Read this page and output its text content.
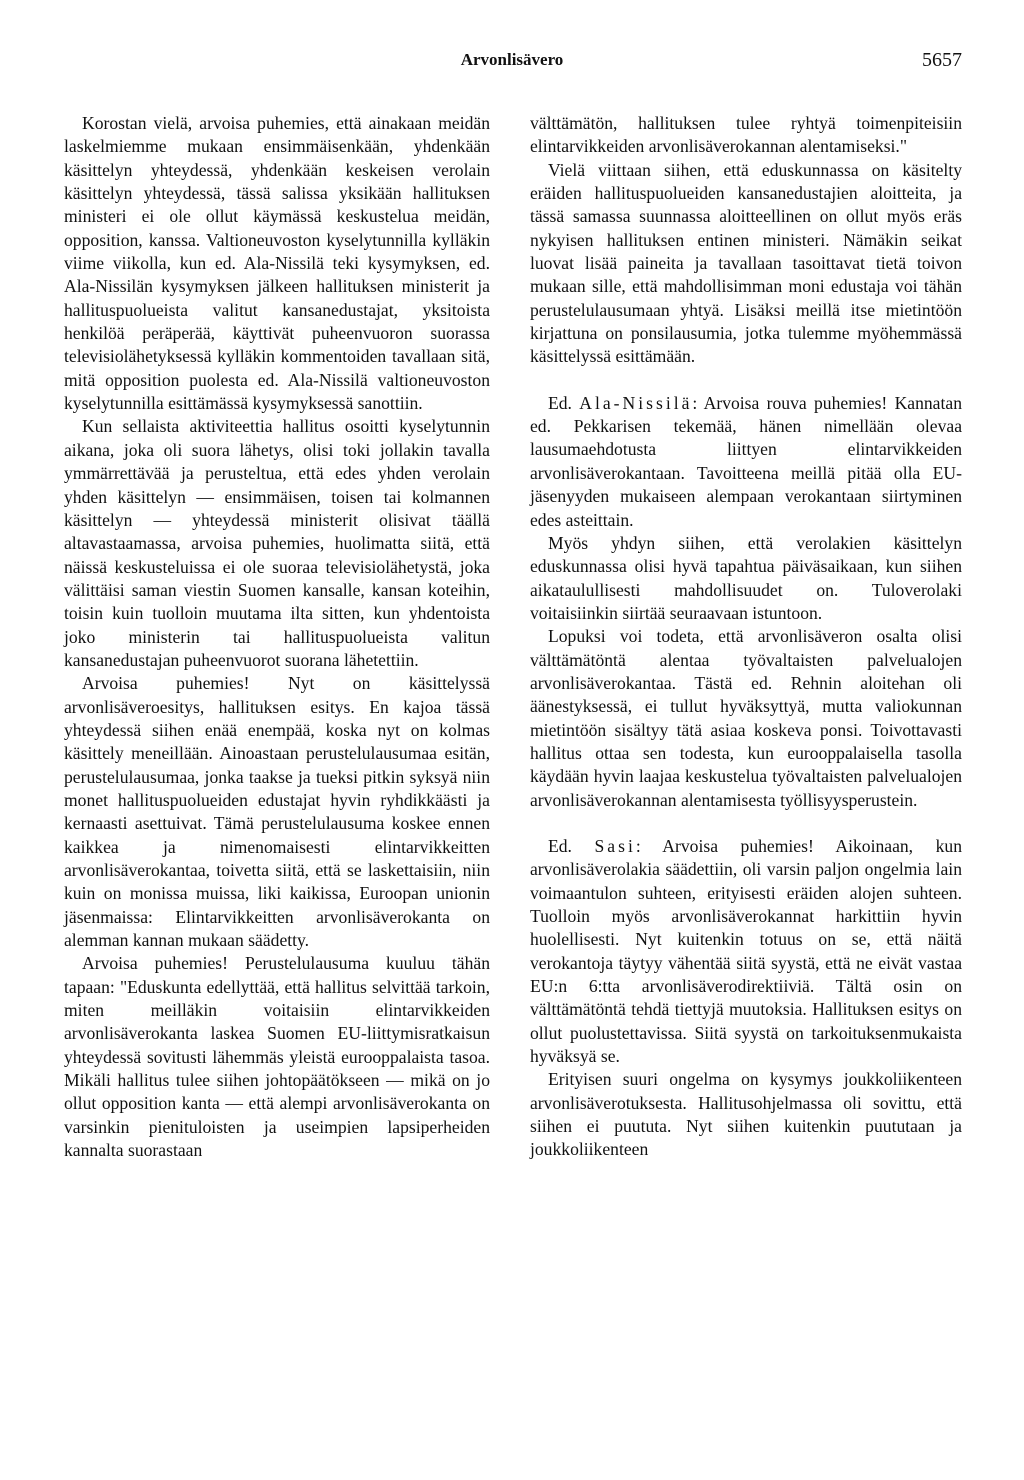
Arvonlisävero	5657

Korostan vielä, arvoisa puhemies, että ainakaan meidän laskelmiemme mukaan ensimmäisenkään, yhdenkään käsittelyn yhteydessä, yhdenkään keskeisen verolain käsittelyn yhteydessä, tässä salissa yksikään hallituksen ministeri ei ole ollut käymässä keskustelua meidän, opposition, kanssa. Valtioneuvoston kyselytunnilla kylläkin viime viikolla, kun ed. Ala-Nissilä teki kysymyksen, ed. Ala-Nissilän kysymyksen jälkeen hallituksen ministerit ja hallituspuolueista valitut kansanedustajat, yksitoista henkilöä peräperää, käyttivät puheenvuoron suorassa televisiolähetyksessä kylläkin kommentoiden tavallaan sitä, mitä opposition puolesta ed. Ala-Nissilä valtioneuvoston kyselytunnilla esittämässä kysymyksessä sanottiin.

Kun sellaista aktiviteettia hallitus osoitti kyselytunnin aikana, joka oli suora lähetys, olisi toki jollakin tavalla ymmärrettävää ja perusteltua, että edes yhden verolain yhden käsittelyn — ensimmäisen, toisen tai kolmannen käsittelyn — yhteydessä ministerit olisivat täällä altavastaamassa, arvoisa puhemies, huolimatta siitä, että näissä keskusteluissa ei ole suoraa televisiolähetystä, joka välittäisi saman viestin Suomen kansalle, kansan koteihin, toisin kuin tuolloin muutama ilta sitten, kun yhdentoista joko ministerin tai hallituspuolueista valitun kansanedustajan puheenvuorot suorana lähetettiin.

Arvoisa puhemies! Nyt on käsittelyssä arvonlisäveroesitys, hallituksen esitys. En kajoa tässä yhteydessä siihen enää enempää, koska nyt on kolmas käsittely meneillään. Ainoastaan perustelulausumaa esitän, perustelulausumaa, jonka taakse ja tueksi pitkin syksyä niin monet hallituspuolueiden edustajat hyvin ryhdikkäästi ja kernaasti asettuivat. Tämä perustelulausuma koskee ennen kaikkea ja nimenomaisesti elintarvikkeitten arvonlisäverokantaa, toivetta siitä, että se laskettaisiin, niin kuin on monissa muissa, liki kaikissa, Euroopan unionin jäsenmaissa: Elintarvikkeitten arvonlisäverokanta on alemman kannan mukaan säädetty.

Arvoisa puhemies! Perustelulausuma kuuluu tähän tapaan: "Eduskunta edellyttää, että hallitus selvittää tarkoin, miten meilläkin voitaisiin elintarvikkeiden arvonlisäverokanta laskea Suomen EU-liittymisratkaisun yhteydessä sovitusti lähemmäs yleistä eurooppalaista tasoa. Mikäli hallitus tulee siihen johtopäätökseen — mikä on jo ollut opposition kanta — että alempi arvonlisäverokanta on varsinkin pienituloisten ja useimpien lapsiperheiden kannalta suorastaan

välttämätön, hallituksen tulee ryhtyä toimenpiteisiin elintarvikkeiden arvonlisäverokannan alentamiseksi."

Vielä viittaan siihen, että eduskunnassa on käsitelty eräiden hallituspuolueiden kansanedustajien aloitteita, ja tässä samassa suunnassa aloitteellinen on ollut myös eräs nykyisen hallituksen entinen ministeri. Nämäkin seikat luovat lisää paineita ja tavallaan tasoittavat tietä toivon mukaan sille, että mahdollisimman moni edustaja voi tähän perustelulausumaan yhtyä. Lisäksi meillä itse mietintöön kirjattuna on ponsilausumia, jotka tulemme myöhemmässä käsittelyssä esittämään.

Ed. Ala-Nissilä: Arvoisa rouva puhemies! Kannatan ed. Pekkarisen tekemää, hänen nimellään olevaa lausumaehdotusta liittyen elintarvikkeiden arvonlisäverokantaan. Tavoitteena meillä pitää olla EU-jäsenyyden mukaiseen alempaan verokantaan siirtyminen edes asteittain.

Myös yhdyn siihen, että verolakien käsittelyn eduskunnassa olisi hyvä tapahtua päiväsaikaan, kun siihen aikataulullisesti mahdollisuudet on. Tuloverolaki voitaisiinkin siirtää seuraavaan istuntoon.

Lopuksi voi todeta, että arvonlisäveron osalta olisi välttämätöntä alentaa työvaltaisten palvelualojen arvonlisäverokantaa. Tästä ed. Rehnin aloitehan oli äänestyksessä, ei tullut hyväksyttyä, mutta valiokunnan mietintöön sisältyy tätä asiaa koskeva ponsi. Toivottavasti hallitus ottaa sen todesta, kun eurooppalaisella tasolla käydään hyvin laajaa keskustelua työvaltaisten palvelualojen arvonlisäverokannan alentamisesta työllisyysperustein.

Ed. Sasi: Arvoisa puhemies! Aikoinaan, kun arvonlisäverolakia säädettiin, oli varsin paljon ongelmia lain voimaantulon suhteen, erityisesti eräiden alojen suhteen. Tuolloin myös arvonlisäverokannat harkittiin hyvin huolellisesti. Nyt kuitenkin totuus on se, että näitä verokantoja täytyy vähentää siitä syystä, että ne eivät vastaa EU:n 6:tta arvonlisäverodirektiiviä. Tältä osin on välttämätöntä tehdä tiettyjä muutoksia. Hallituksen esitys on ollut puolustettavissa. Siitä syystä on tarkoituksenmukaista hyväksyä se.

Erityisen suuri ongelma on kysymys joukkoliikenteen arvonlisäverotuksesta. Hallitusohjelmassa oli sovittu, että siihen ei puututa. Nyt siihen kuitenkin puututaan ja joukkoliikenteen
